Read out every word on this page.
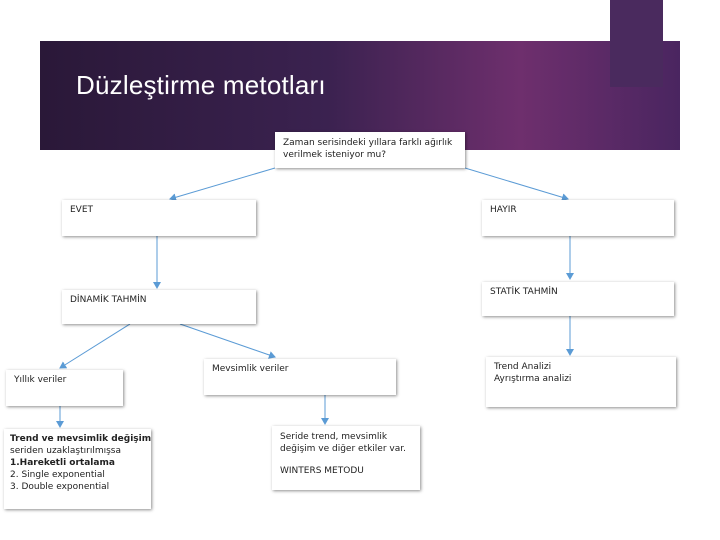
Düzleştirme metotları
Zaman serisindeki yıllara farklı ağırlık
verilmek isteniyor mu?
EVET	HAYIR
DİNAMİK TAHMİN
STATİK TAHMİN
Yıllık veriler
Mevsimlik veriler	Trend Analizi
Ayrıştırma analizi
Trend ve mevsimlik değişim
seriden uzaklaştırılmışsa
1.Hareketli ortalama
2. Single exponential
3. Double exponential
Seride trend, mevsimlik
değişim ve diğer etkiler var.
WINTERS METODU
